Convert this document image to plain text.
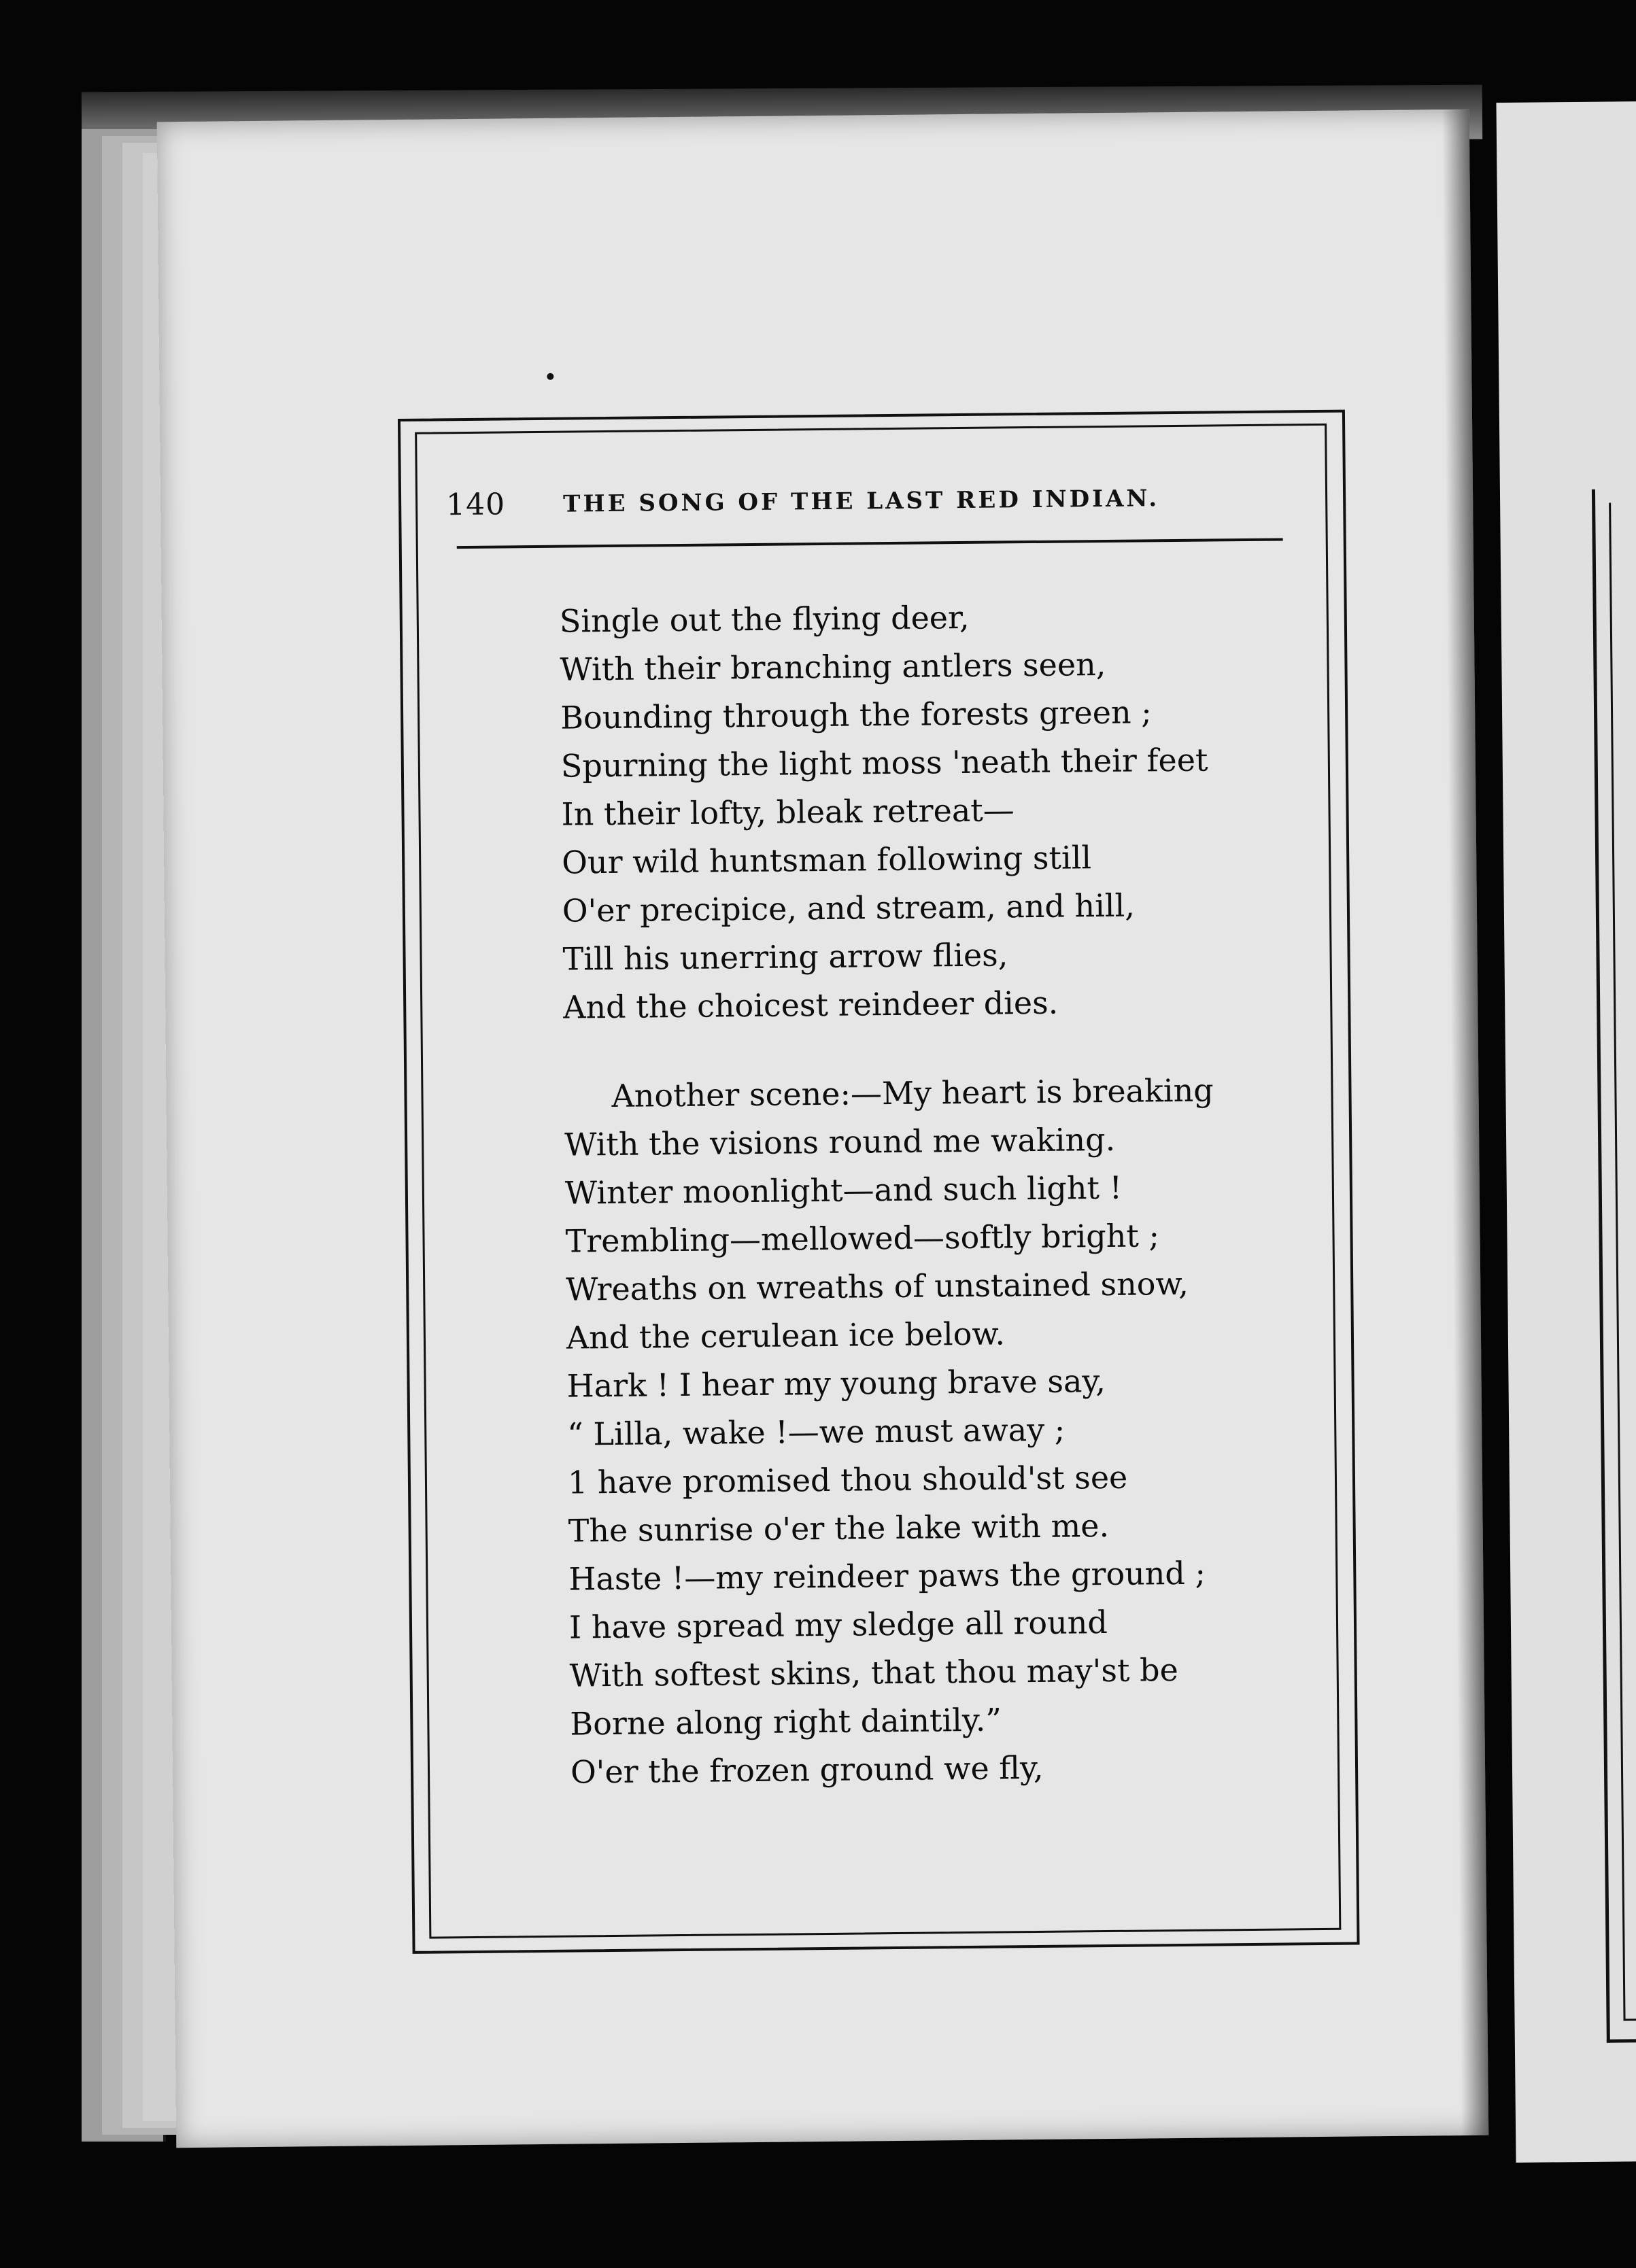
140 THE SONG OF THE LAST RED INDIAN.
Single out the flying deer,
With their branching antlers seen,
Bounding through the forests green ;
Spurning the light moss 'neath their feet
In their lofty, bleak retreat—
Our wild huntsman following still
O'er precipice, and stream, and hill,
Till his unerring arrow flies,
And the choicest reindeer dies.
Another scene:—My heart is breaking
With the visions round me waking.
Winter moonlight—and such light !
Trembling—mellowed—softly bright ;
Wreaths on wreaths of unstained snow,
And the cerulean ice below.
Hark ! I hear my young brave say,
“ Lilla, wake !—we must away ;
1 have promised thou should'st see
The sunrise o'er the lake with me.
Haste !—my reindeer paws the ground ;
I have spread my sledge all round
With softest skins, that thou may'st be
Borne along right daintily.”
O'er the frozen ground we fly,
